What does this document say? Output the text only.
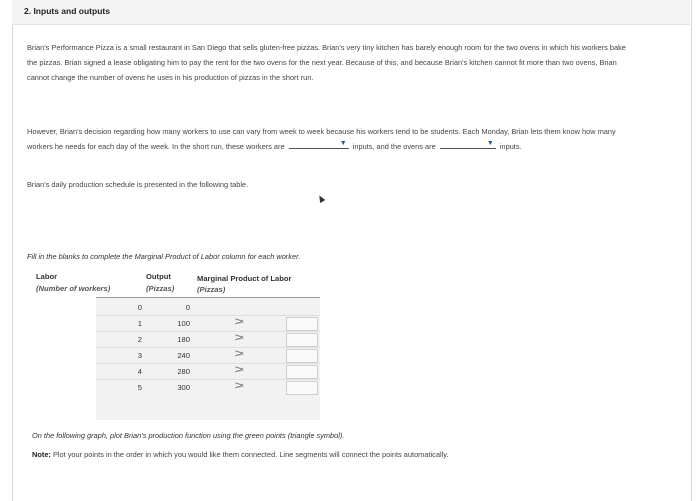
2. Inputs and outputs
Brian's Performance Pizza is a small restaurant in San Diego that sells gluten-free pizzas. Brian's very tiny kitchen has barely enough room for the two ovens in which his workers bake the pizzas. Brian signed a lease obligating him to pay the rent for the two ovens for the next year. Because of this, and because Brian's kitchen cannot fit more than two ovens, Brian cannot change the number of ovens he uses in his production of pizzas in the short run.
However, Brian's decision regarding how many workers to use can vary from week to week because his workers tend to be students. Each Monday, Brian lets them know how many workers he needs for each day of the week. In the short run, these workers are	▼ inputs, and the ovens are	▼ inputs.
Brian's daily production schedule is presented in the following table.
Fill in the blanks to complete the Marginal Product of Labor column for each worker.
Labor
(Number of workers)
Output
(Pizzas)
Marginal Product of Labor
(Pizzas)
0	0
1	100	>
2	180	>
3	240	>
4	280	>
5	300	>
On the following graph, plot Brian's production function using the green points (triangle symbol).
Note: Plot your points in the order in which you would like them connected. Line segments will connect the points automatically.
